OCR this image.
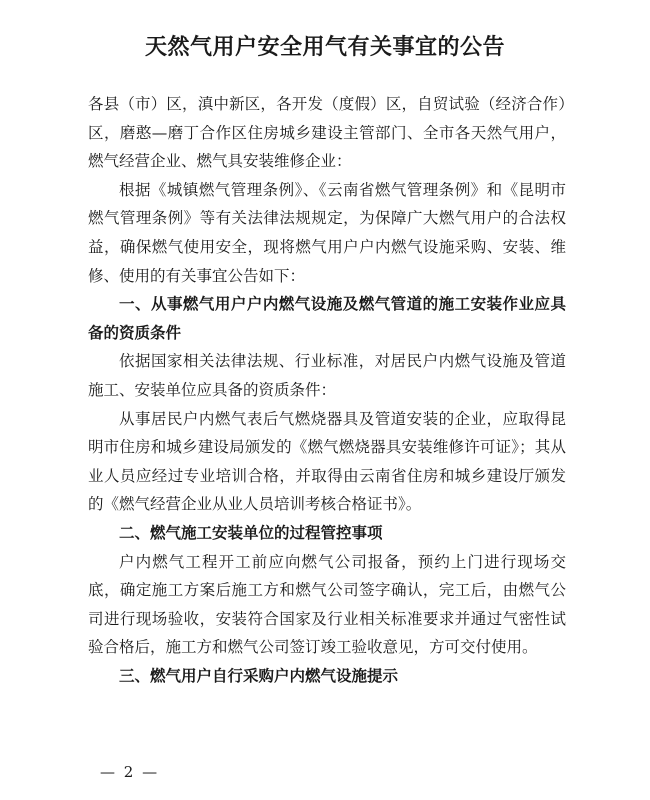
天然气用户安全用气有关事宜的公告

各县（市）区，滇中新区，各开发（度假）区，自贸试验（经济合作）区，磨憨—磨丁合作区住房城乡建设主管部门、全市各天然气用户，燃气经营企业、燃气具安装维修企业：

根据《城镇燃气管理条例》、《云南省燃气管理条例》和《昆明市燃气管理条例》等有关法律法规规定，为保障广大燃气用户的合法权益，确保燃气使用安全，现将燃气用户户内燃气设施采购、安装、维修、使用的有关事宜公告如下：

一、从事燃气用户户内燃气设施及燃气管道的施工安装作业应具备的资质条件

依据国家相关法律法规、行业标准，对居民户内燃气设施及管道施工、安装单位应具备的资质条件：

从事居民户内燃气表后气燃烧器具及管道安装的企业，应取得昆明市住房和城乡建设局颁发的《燃气燃烧器具安装维修许可证》；其从业人员应经过专业培训合格，并取得由云南省住房和城乡建设厅颁发的《燃气经营企业从业人员培训考核合格证书》。

二、燃气施工安装单位的过程管控事项

户内燃气工程开工前应向燃气公司报备，预约上门进行现场交底，确定施工方案后施工方和燃气公司签字确认，完工后，由燃气公司进行现场验收，安装符合国家及行业相关标准要求并通过气密性试验合格后，施工方和燃气公司签订竣工验收意见，方可交付使用。

三、燃气用户自行采购户内燃气设施提示

— 2 —
